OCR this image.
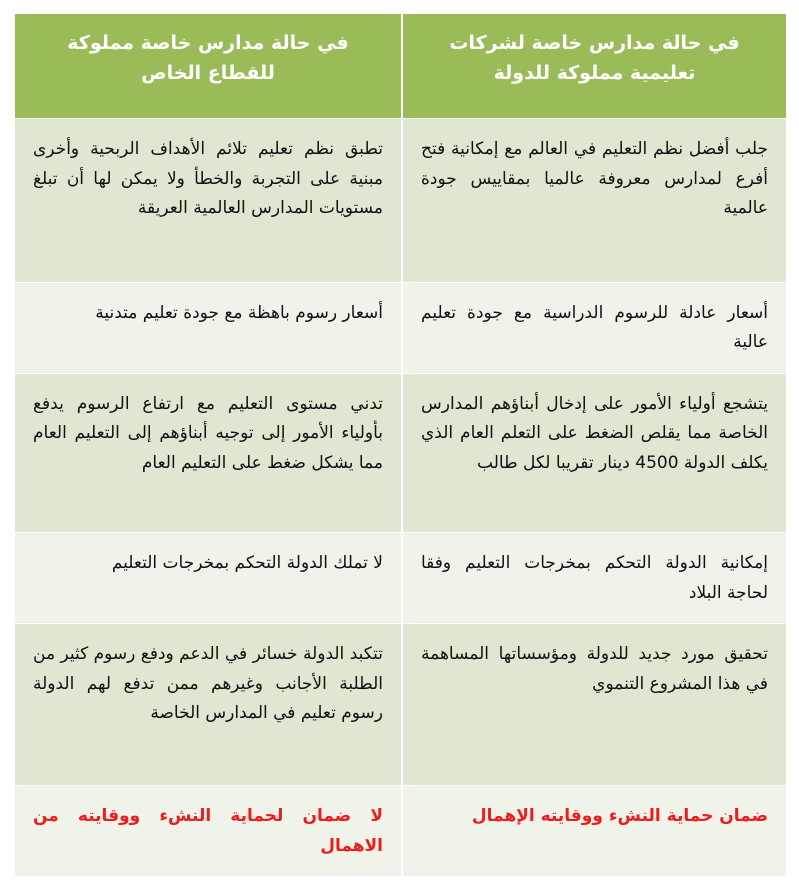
في حالة مدارس خاصة لشركات تعليمية مملوكة للدولة	في حالة مدارس خاصة مملوكة للقطاع الخاص
جلب أفضل نظم التعليم في العالم مع إمكانية فتح أفرع لمدارس معروفة عالميا بمقاييس جودة عالمية	تطبق نظم تعليم تلائم الأهداف الربحية وأخرى مبنية على التجربة والخطأ ولا يمكن لها أن تبلغ مستويات المدارس العالمية العريقة
أسعار عادلة للرسوم الدراسية مع جودة تعليم عالية	أسعار رسوم باهظة مع جودة تعليم متدنية
يتشجع أولياء الأمور على إدخال أبناؤهم المدارس الخاصة مما يقلص الضغط على التعلم العام الذي يكلف الدولة 4500 دينار تقريبا لكل طالب	تدني مستوى التعليم مع ارتفاع الرسوم يدفع بأولياء الأمور إلى توجيه أبناؤهم إلى التعليم العام مما يشكل ضغط على التعليم العام
إمكانية الدولة التحكم بمخرجات التعليم وفقا لحاجة البلاد	لا تملك الدولة التحكم بمخرجات التعليم
تحقيق مورد جديد للدولة ومؤسساتها المساهمة في هذا المشروع التنموي	تتكبد الدولة خسائر في الدعم ودفع رسوم كثير من الطلبة الأجانب وغيرهم ممن تدفع لهم الدولة رسوم تعليم في المدارس الخاصة
ضمان حماية النشء ووقايته الإهمال	لا ضمان لحماية النشء ووقايته من الاهمال
